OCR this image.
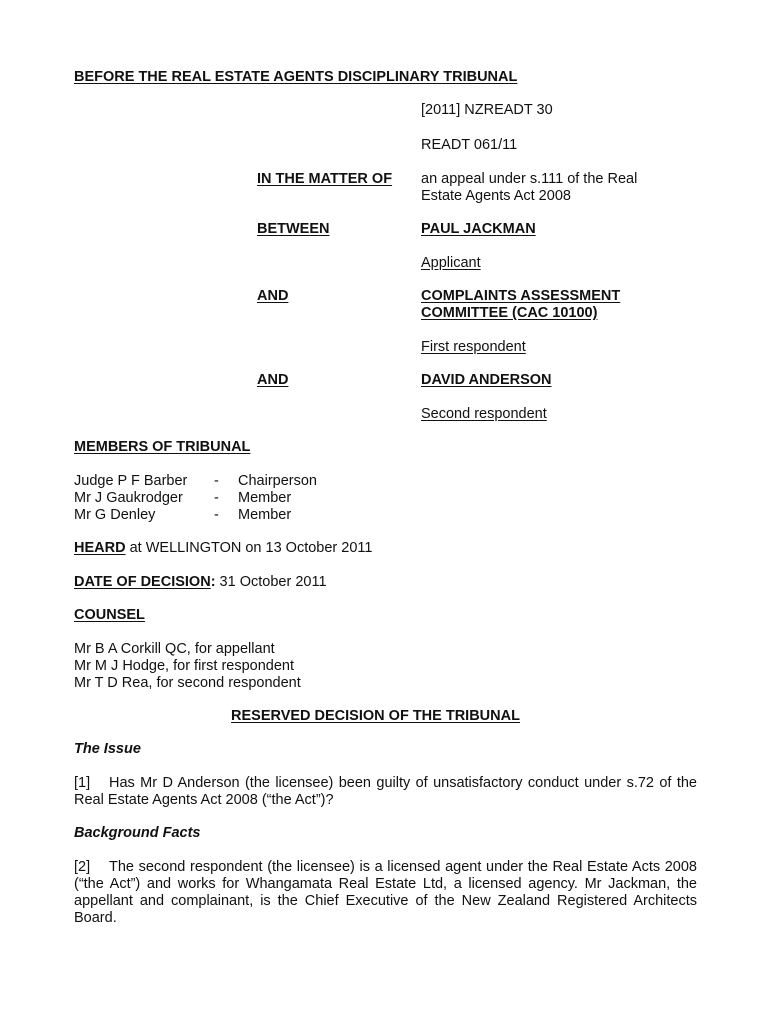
BEFORE THE REAL ESTATE AGENTS DISCIPLINARY TRIBUNAL
[2011] NZREADT 30
READT 061/11
IN THE MATTER OF an appeal under s.111 of the Real
Estate Agents Act 2008
BETWEEN	PAUL JACKMAN
Applicant
AND	COMPLAINTS ASSESSMENT
COMMITTEE (CAC 10100)
First respondent
AND	DAVID ANDERSON
Second respondent
MEMBERS OF TRIBUNAL
Judge P F Barber - Chairperson
Mr J Gaukrodger - Member
Mr G Denley	- Member
HEARD at WELLINGTON on 13 October 2011
DATE OF DECISION: 31 October 2011
COUNSEL
Mr B A Corkill QC, for appellant
Mr M J Hodge, for first respondent
Mr T D Rea, for second respondent
RESERVED DECISION OF THE TRIBUNAL
The Issue
[1] Has Mr D Anderson (the licensee) been guilty of unsatisfactory conduct under s.72 of the Real Estate Agents Act 2008 (“the Act”)?
Background Facts
[2] The second respondent (the licensee) is a licensed agent under the Real Estate Acts 2008 (“the Act”) and works for Whangamata Real Estate Ltd, a licensed agency. Mr Jackman, the appellant and complainant, is the Chief Executive of the New Zealand Registered Architects Board.
